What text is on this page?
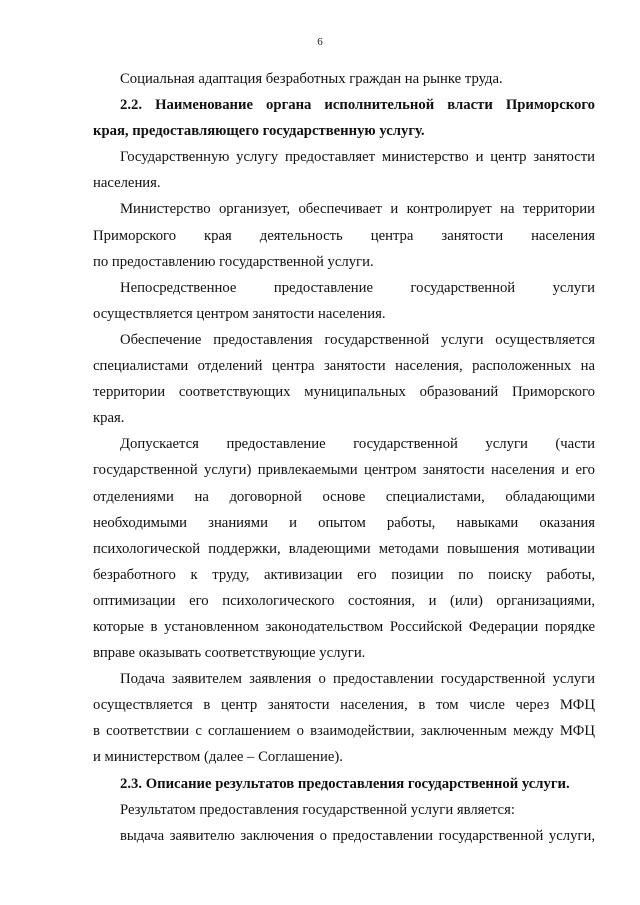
6
Социальная адаптация безработных граждан на рынке труда.
2.2. Наименование органа исполнительной власти Приморского
края, предоставляющего государственную услугу.
Государственную услугу предоставляет министерство и центр занятости
населения.
Министерство организует, обеспечивает и контролирует на территории
Приморского края деятельность центра занятости населения
по предоставлению государственной услуги.
Непосредственное предоставление государственной услуги
осуществляется центром занятости населения.
Обеспечение предоставления государственной услуги осуществляется
специалистами отделений центра занятости населения, расположенных на
территории соответствующих муниципальных образований Приморского
края.
Допускается предоставление государственной услуги (части
государственной услуги) привлекаемыми центром занятости населения и его
отделениями на договорной основе специалистами, обладающими
необходимыми знаниями и опытом работы, навыками оказания
психологической поддержки, владеющими методами повышения мотивации
безработного к труду, активизации его позиции по поиску работы,
оптимизации его психологического состояния, и (или) организациями,
которые в установленном законодательством Российской Федерации порядке
вправе оказывать соответствующие услуги.
Подача заявителем заявления о предоставлении государственной услуги
осуществляется в центр занятости населения, в том числе через МФЦ
в соответствии с соглашением о взаимодействии, заключенным между МФЦ
и министерством (далее – Соглашение).
2.3. Описание результатов предоставления государственной услуги.
Результатом предоставления государственной услуги является:
выдача заявителю заключения о предоставлении государственной услуги,
